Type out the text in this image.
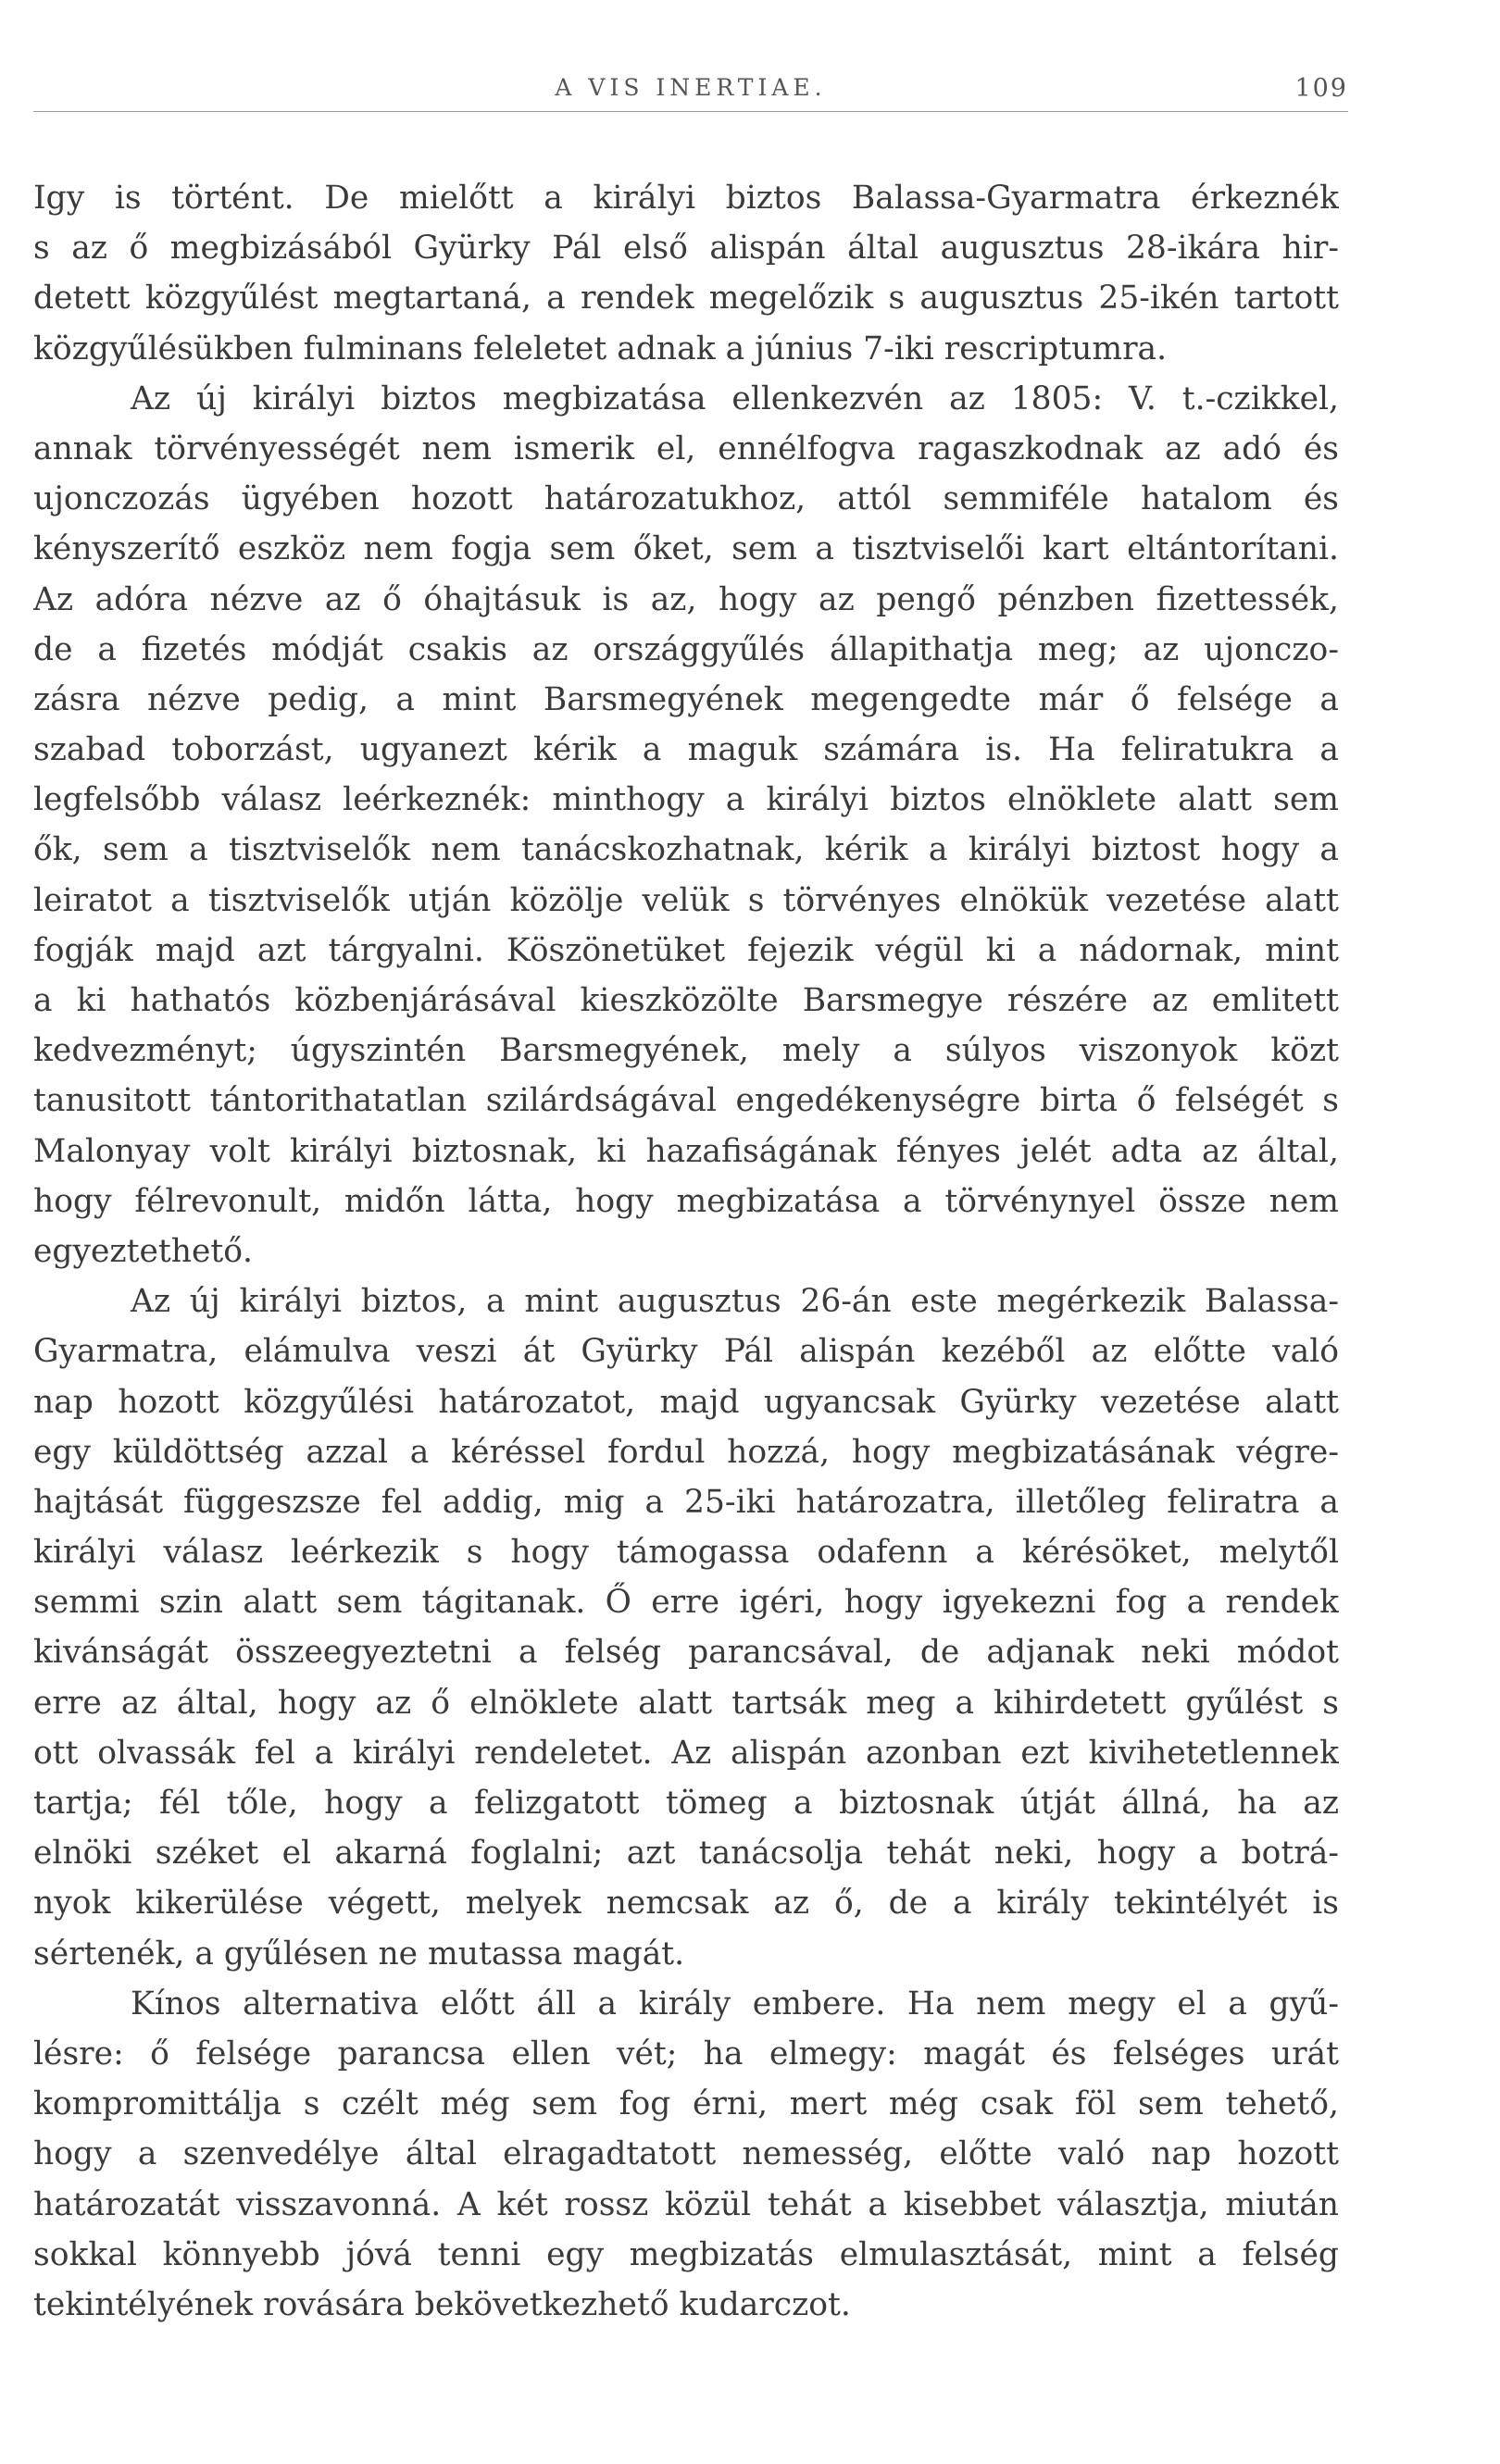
A VIS INERTIAE.	109
Igy is történt. De mielőtt a királyi biztos Balassa-Gyarmatra érkeznék
s az ő megbizásából Gyürky Pál első alispán által augusztus 28-ikára hir-
detett közgyűlést megtartaná, a rendek megelőzik s augusztus 25-ikén tartott
közgyűlésükben fulminans feleletet adnak a június 7-iki rescriptumra.
Az új királyi biztos megbizatása ellenkezvén az 1805: V. t.-czikkel,
annak törvényességét nem ismerik el, ennélfogva ragaszkodnak az adó és
ujonczozás ügyében hozott határozatukhoz, attól semmiféle hatalom és
kényszerítő eszköz nem fogja sem őket, sem a tisztviselői kart eltántorítani.
Az adóra nézve az ő óhajtásuk is az, hogy az pengő pénzben fizettessék,
de a fizetés módját csakis az országgyűlés állapithatja meg; az ujonczo-
zásra nézve pedig, a mint Barsmegyének megengedte már ő felsége a
szabad toborzást, ugyanezt kérik a maguk számára is. Ha feliratukra a
legfelsőbb válasz leérkeznék: minthogy a királyi biztos elnöklete alatt sem
ők, sem a tisztviselők nem tanácskozhatnak, kérik a királyi biztost hogy a
leiratot a tisztviselők utján közölje velük s törvényes elnökük vezetése alatt
fogják majd azt tárgyalni. Köszönetüket fejezik végül ki a nádornak, mint
a ki hathatós közbenjárásával kieszközölte Barsmegye részére az emlitett
kedvezményt; úgyszintén Barsmegyének, mely a súlyos viszonyok közt
tanusitott tántorithatatlan szilárdságával engedékenységre birta ő felségét s
Malonyay volt királyi biztosnak, ki hazafiságának fényes jelét adta az által,
hogy félrevonult, midőn látta, hogy megbizatása a törvénynyel össze nem
egyeztethető.
Az új királyi biztos, a mint augusztus 26-án este megérkezik Balassa-
Gyarmatra, elámulva veszi át Gyürky Pál alispán kezéből az előtte való
nap hozott közgyűlési határozatot, majd ugyancsak Gyürky vezetése alatt
egy küldöttség azzal a kéréssel fordul hozzá, hogy megbizatásának végre-
hajtását függeszsze fel addig, mig a 25-iki határozatra, illetőleg feliratra a
királyi válasz leérkezik s hogy támogassa odafenn a kérésöket, melytől
semmi szin alatt sem tágitanak. Ő erre igéri, hogy igyekezni fog a rendek
kivánságát összeegyeztetni a felség parancsával, de adjanak neki módot
erre az által, hogy az ő elnöklete alatt tartsák meg a kihirdetett gyűlést s
ott olvassák fel a királyi rendeletet. Az alispán azonban ezt kivihetetlennek
tartja; fél tőle, hogy a felizgatott tömeg a biztosnak útját állná, ha az
elnöki széket el akarná foglalni; azt tanácsolja tehát neki, hogy a botrá-
nyok kikerülése végett, melyek nemcsak az ő, de a király tekintélyét is
sértenék, a gyűlésen ne mutassa magát.
Kínos alternativa előtt áll a király embere. Ha nem megy el a gyű-
lésre: ő felsége parancsa ellen vét; ha elmegy: magát és felséges urát
kompromittálja s czélt még sem fog érni, mert még csak föl sem tehető,
hogy a szenvedélye által elragadtatott nemesség, előtte való nap hozott
határozatát visszavonná. A két rossz közül tehát a kisebbet választja, miután
sokkal könnyebb jóvá tenni egy megbizatás elmulasztását, mint a felség
tekintélyének rovására bekövetkezhető kudarczot.
